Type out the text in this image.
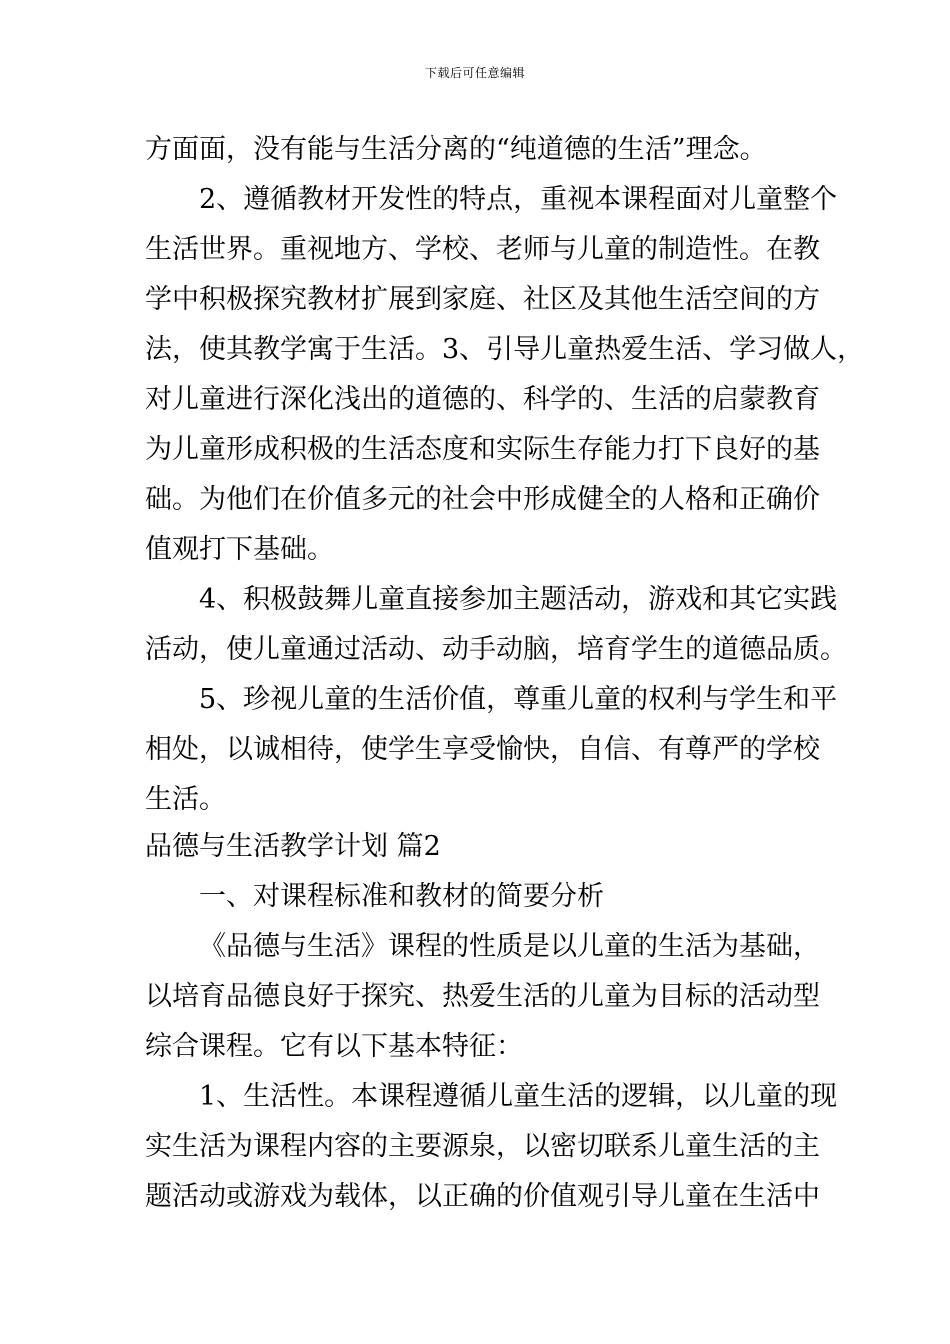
下载后可任意编辑
方面面，没有能与生活分离的“纯道德的生活”理念。
2、遵循教材开发性的特点，重视本课程面对儿童整个
生活世界。重视地方、学校、老师与儿童的制造性。在教
学中积极探究教材扩展到家庭、社区及其他生活空间的方
法，使其教学寓于生活。3、引导儿童热爱生活、学习做人，
对儿童进行深化浅出的道德的、科学的、生活的启蒙教育
为儿童形成积极的生活态度和实际生存能力打下良好的基
础。为他们在价值多元的社会中形成健全的人格和正确价
值观打下基础。
4、积极鼓舞儿童直接参加主题活动，游戏和其它实践
活动，使儿童通过活动、动手动脑，培育学生的道德品质。
5、珍视儿童的生活价值，尊重儿童的权利与学生和平
相处，以诚相待，使学生享受愉快，自信、有尊严的学校
生活。
品德与生活教学计划 篇2
一、对课程标准和教材的简要分析
《品德与生活》课程的性质是以儿童的生活为基础，
以培育品德良好于探究、热爱生活的儿童为目标的活动型
综合课程。它有以下基本特征：
1、生活性。本课程遵循儿童生活的逻辑，以儿童的现
实生活为课程内容的主要源泉，以密切联系儿童生活的主
题活动或游戏为载体，以正确的价值观引导儿童在生活中
